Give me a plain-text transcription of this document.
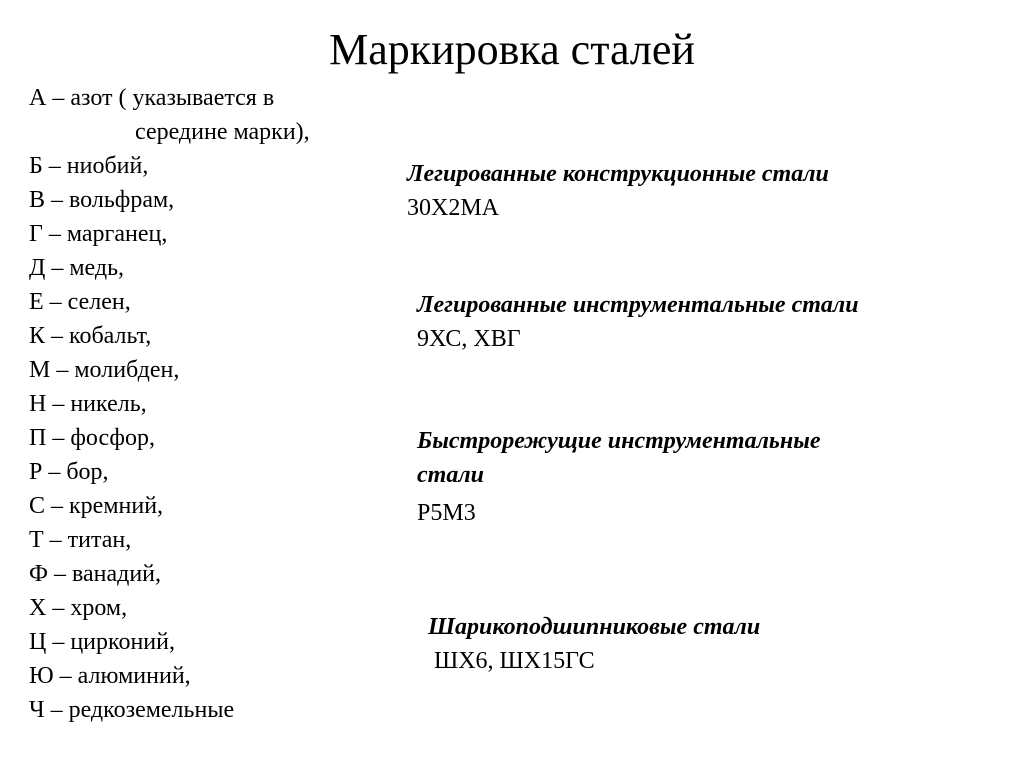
Маркировка сталей
А – азот ( указывается в
середине марки),
Б – ниобий,
В – вольфрам,
Г – марганец,
Д – медь,
Е – селен,
К – кобальт,
М – молибден,
Н – никель,
П – фосфор,
Р – бор,
С – кремний,
Т – титан,
Ф – ванадий,
Х – хром,
Ц – цирконий,
Ю – алюминий,
Ч – редкоземельные
Легированные конструкционные стали
30Х2МА
Легированные инструментальные стали
9ХС, ХВГ
Быстрорежущие инструментальные
стали
Р5М3
Шарикоподшипниковые стали
ШХ6, ШХ15ГС
